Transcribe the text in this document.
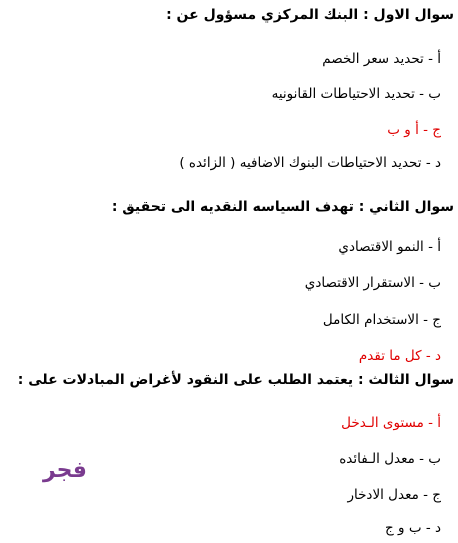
سوال الاول : البنك المركزي مسؤول عن :
أ - تحديد سعر الخصم
ب - تحديد الاحتياطات القانونيه
ج - أ و ب
د - تحديد الاحتياطات البنوك الاضافيه ( الزائده )
سوال الثاني : تهدف السياسه النقديه الى تحقيق :
أ - النمو الاقتصادي
ب - الاستقرار الاقتصادي
ج - الاستخدام الكامل
د - كل ما تقدم
سوال الثالث : يعتمد الطلب على النقود لأغراض المبادلات على :
أ - مستوى الـدخل
ب - معدل الـفائده
ج - معدل الادخار
د - ب و ج
فجر
